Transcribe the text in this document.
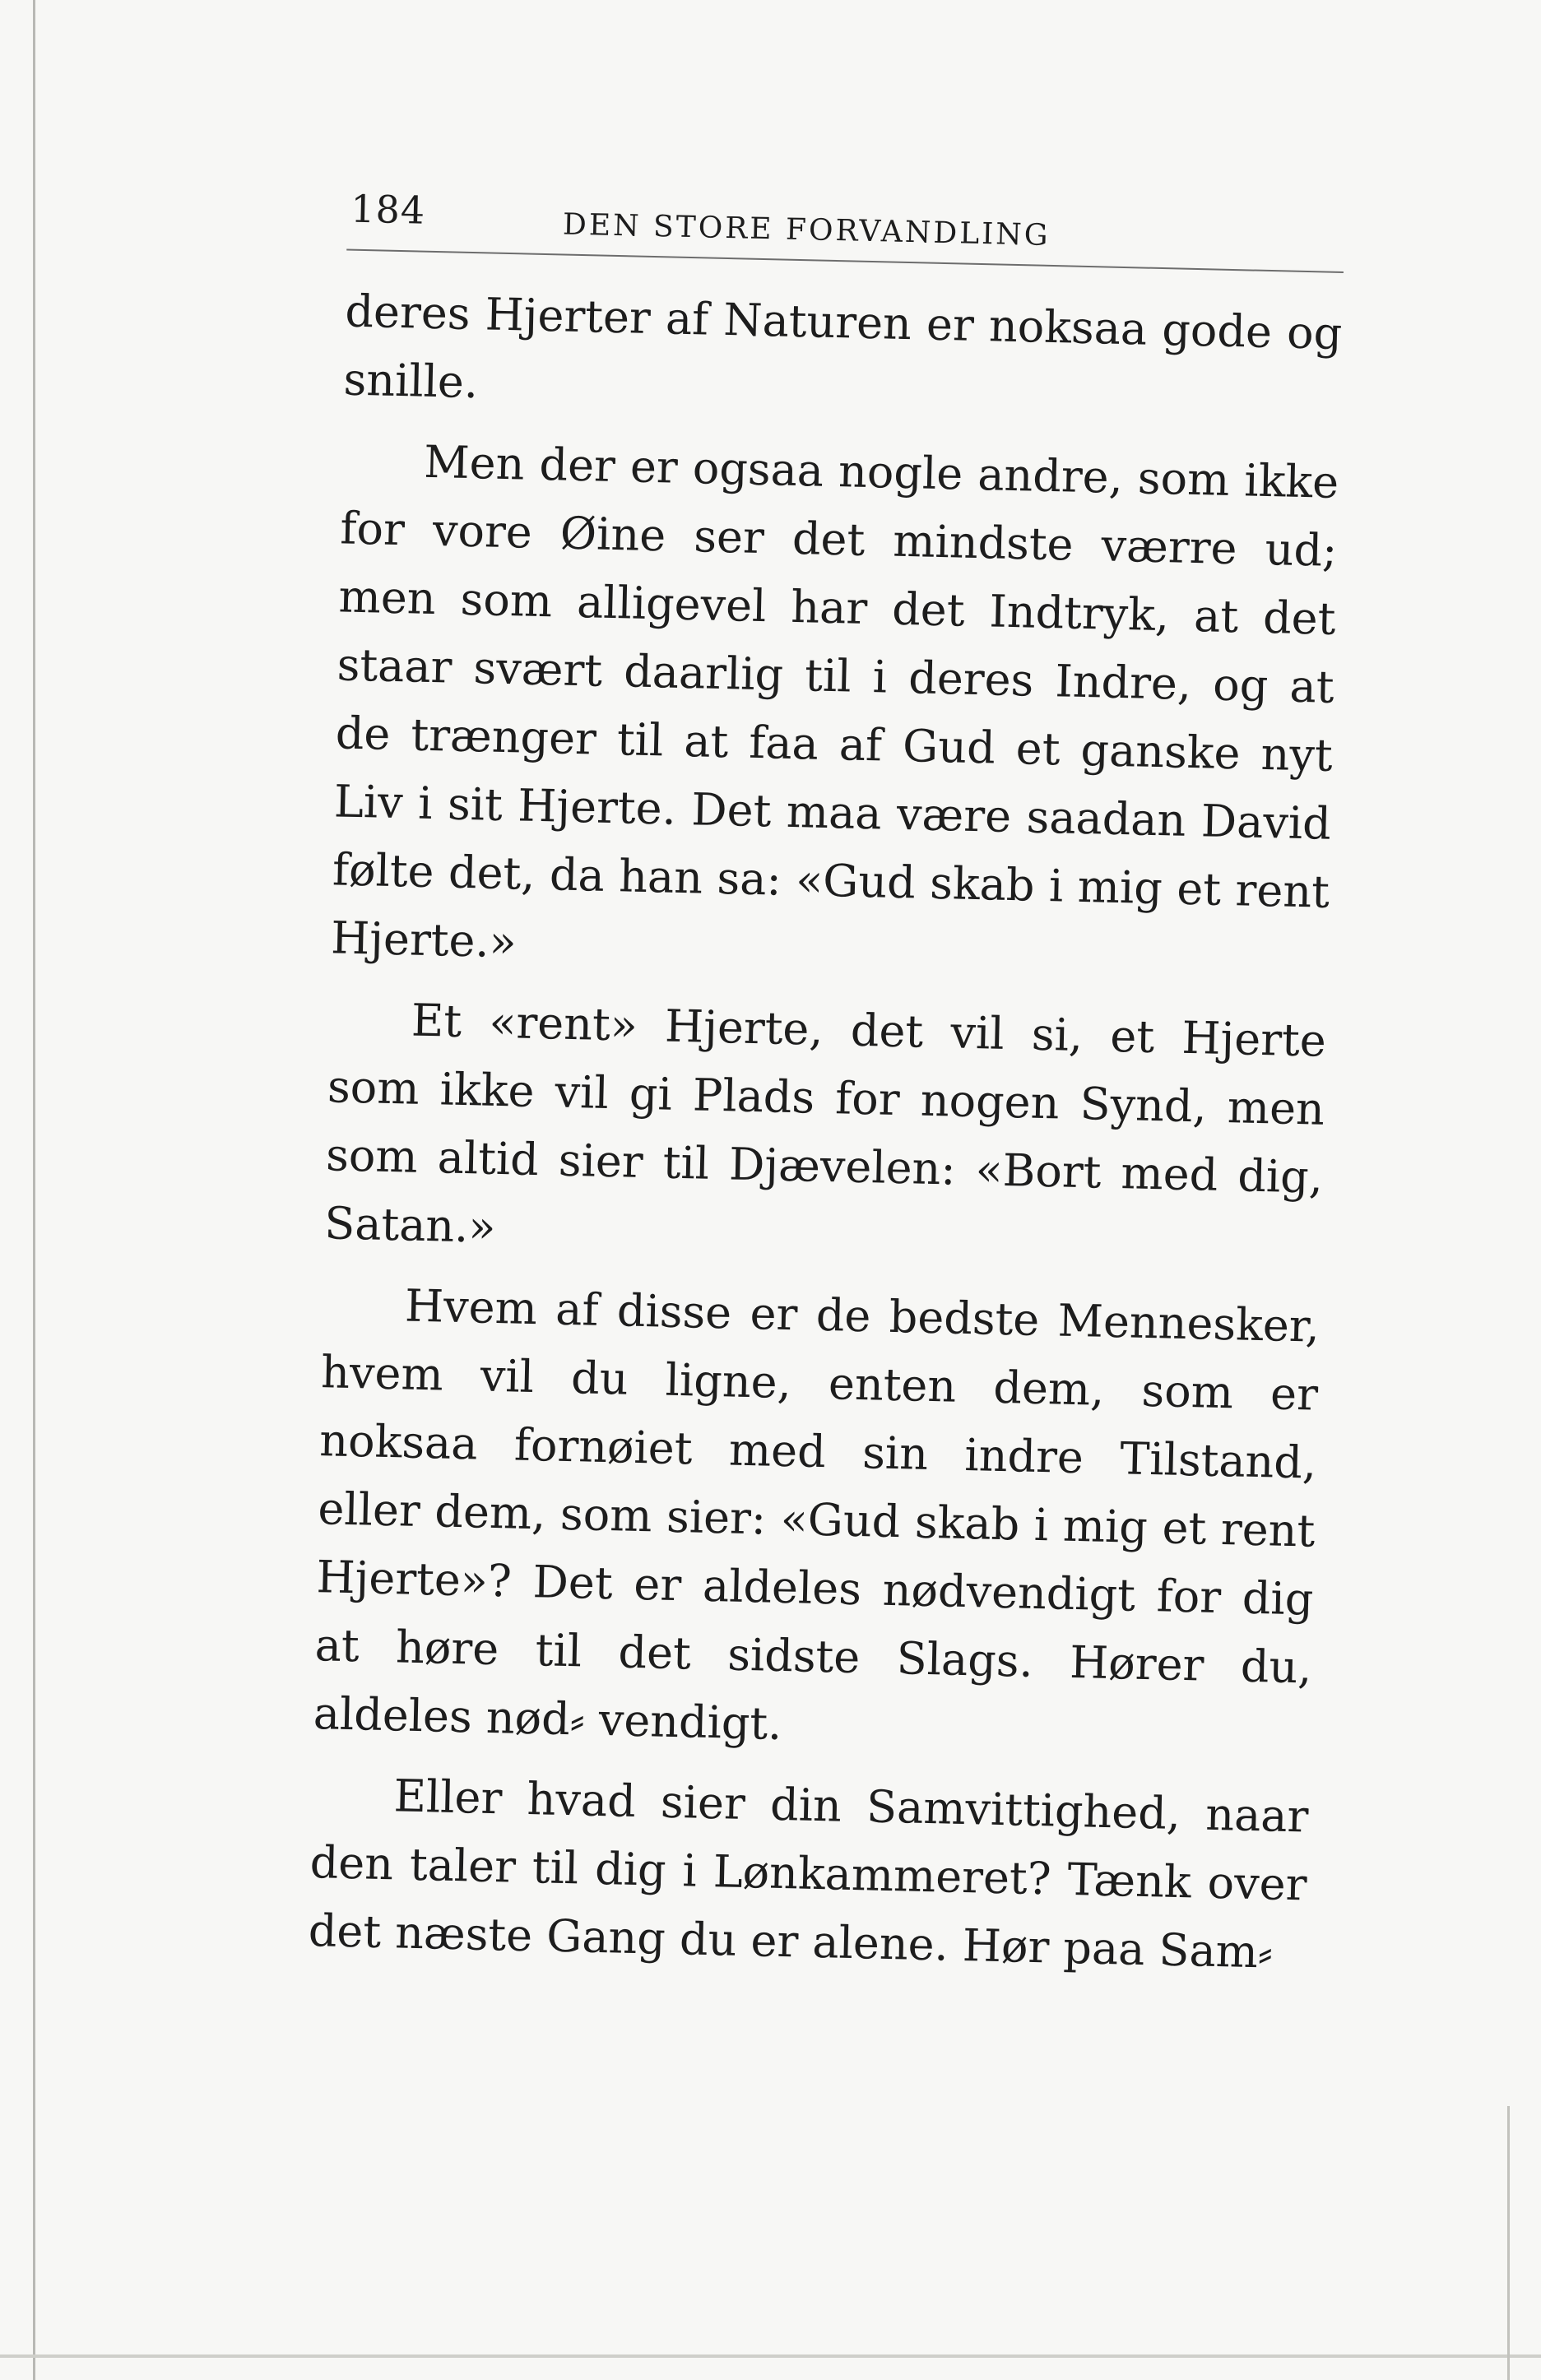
184	DEN STORE FORVANDLING

deres Hjerter af Naturen er noksaa gode og snille.

Men der er ogsaa nogle andre, som ikke for vore Øine ser det mindste værre ud; men som alligevel har det Indtryk, at det staar svært daarlig til i deres Indre, og at de trænger til at faa af Gud et ganske nyt Liv i sit Hjerte. Det maa være saadan David følte det, da han sa: «Gud skab i mig et rent Hjerte.»

Et «rent» Hjerte, det vil si, et Hjerte som ikke vil gi Plads for nogen Synd, men som altid sier til Djævelen: «Bort med dig, Satan.»

Hvem af disse er de bedste Mennesker, hvem vil du ligne, enten dem, som er noksaa fornøiet med sin indre Tilstand, eller dem, som sier: «Gud skab i mig et rent Hjerte»? Det er aldeles nødvendigt for dig at høre til det sidste Slags. Hører du, aldeles nød⸗ vendigt.

Eller hvad sier din Samvittighed, naar den taler til dig i Lønkammeret? Tænk over det næste Gang du er alene. Hør paa Sam⸗
